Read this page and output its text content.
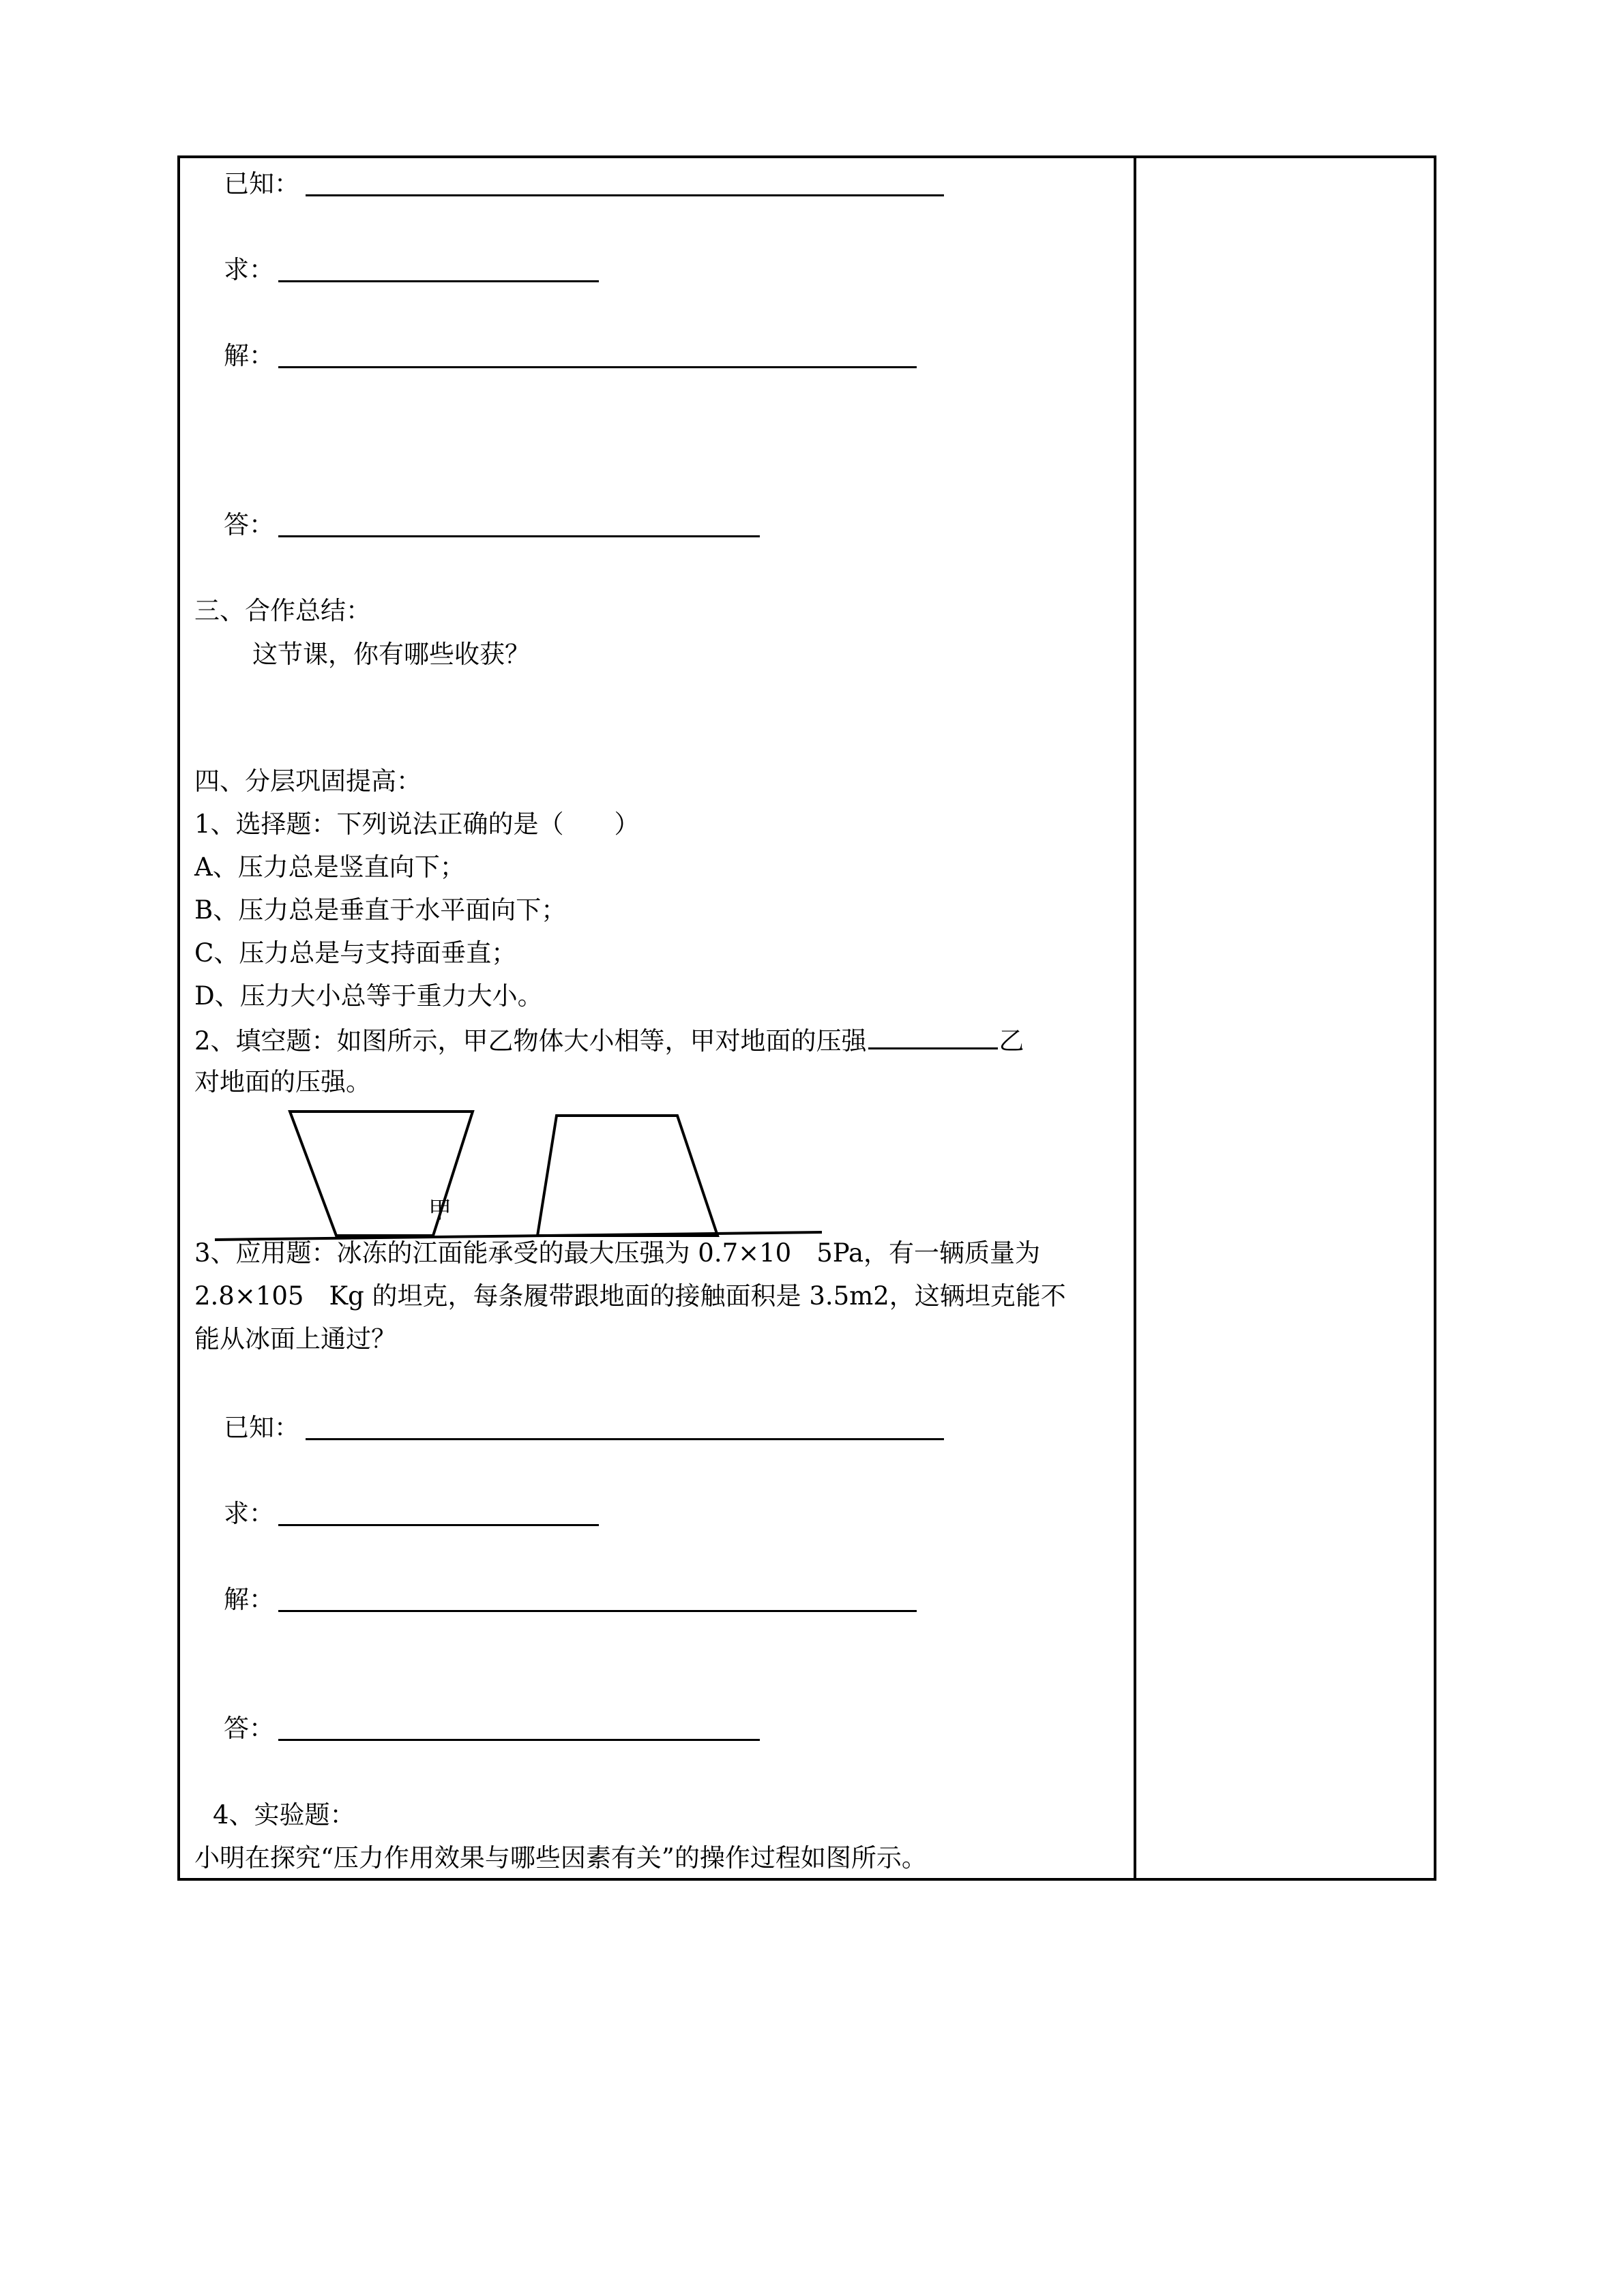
已知：
求：
解：
答：
三、合作总结：
这节课，你有哪些收获？
四、分层巩固提高：
1、选择题：下列说法正确的是（　　）
A、压力总是竖直向下；
B、压力总是垂直于水平面向下；
C、压力总是与支持面垂直；
D、压力大小总等于重力大小。
2、填空题：如图所示，甲乙物体大小相等，甲对地面的压强	乙
对地面的压强。
甲
3、应用题：冰冻的江面能承受的最大压强为 0.7×10　5Pa，有一辆质量为
2.8×105　Kg 的坦克，每条履带跟地面的接触面积是 3.5m2，这辆坦克能不
能从冰面上通过？
已知：
求：
解：
答：
4、实验题：
小明在探究“压力作用效果与哪些因素有关”的操作过程如图所示。
